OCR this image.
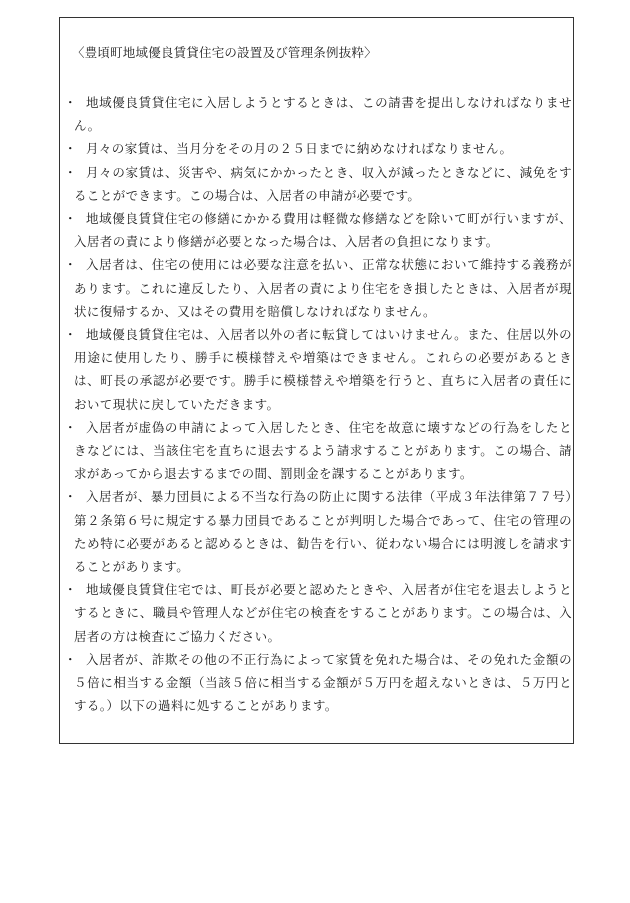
〈豊頃町地域優良賃貸住宅の設置及び管理条例抜粋〉
・ 地域優良賃貸住宅に入居しようとするときは、この請書を提出しなければなりません。
・ 月々の家賃は、当月分をその月の２５日までに納めなければなりません。
・ 月々の家賃は、災害や、病気にかかったとき、収入が減ったときなどに、減免をすることができます。この場合は、入居者の申請が必要です。
・ 地域優良賃貸住宅の修繕にかかる費用は軽微な修繕などを除いて町が行いますが、入居者の責により修繕が必要となった場合は、入居者の負担になります。
・ 入居者は、住宅の使用には必要な注意を払い、正常な状態において維持する義務があります。これに違反したり、入居者の責により住宅をき損したときは、入居者が現状に復帰するか、又はその費用を賠償しなければなりません。
・ 地域優良賃貸住宅は、入居者以外の者に転貸してはいけません。また、住居以外の用途に使用したり、勝手に模様替えや増築はできません。これらの必要があるときは、町長の承認が必要です。勝手に模様替えや増築を行うと、直ちに入居者の責任において現状に戻していただきます。
・ 入居者が虚偽の申請によって入居したとき、住宅を故意に壊すなどの行為をしたときなどには、当該住宅を直ちに退去するよう請求することがあります。この場合、請求があってから退去するまでの間、罰則金を課することがあります。
・ 入居者が、暴力団員による不当な行為の防止に関する法律（平成３年法律第７７号）第２条第６号に規定する暴力団員であることが判明した場合であって、住宅の管理のため特に必要があると認めるときは、勧告を行い、従わない場合には明渡しを請求することがあります。
・ 地域優良賃貸住宅では、町長が必要と認めたときや、入居者が住宅を退去しようとするときに、職員や管理人などが住宅の検査をすることがあります。この場合は、入居者の方は検査にご協力ください。
・ 入居者が、詐欺その他の不正行為によって家賃を免れた場合は、その免れた金額の５倍に相当する金額（当該５倍に相当する金額が５万円を超えないときは、５万円とする。）以下の過料に処することがあります。
